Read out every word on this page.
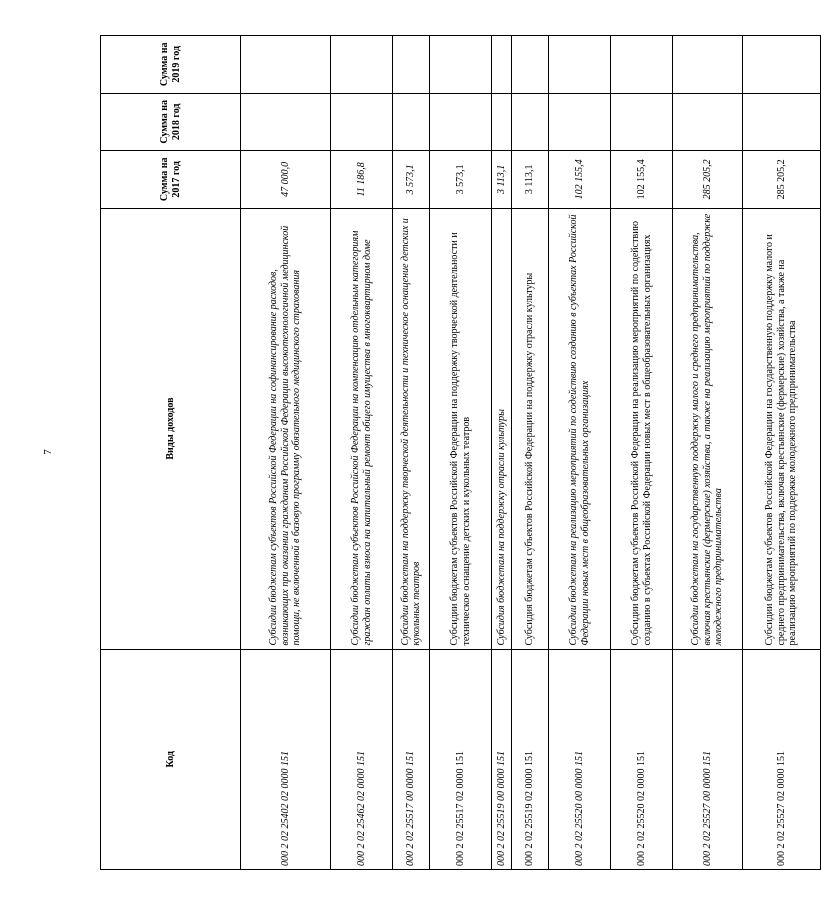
7
Код	Виды доходов	Сумма на 2017 год	Сумма на 2018 год	Сумма на 2019 год
000 2 02 25402 02 0000 151	Субсидии бюджетам субъектов Российской Федерации на софинансирование расходов, возникающих при оказании гражданам Российской Федерации высокотехнологичной медицинской помощи, не включенной в базовую программу обязательного медицинского страхования	47 000,0		
000 2 02 25462 02 0000 151	Субсидии бюджетам субъектов Российской Федерации на компенсацию отдельным категориям граждан оплаты взноса на капитальный ремонт общего имущества в многоквартирном доме	11 186,8		
000 2 02 25517 00 0000 151	Субсидии бюджетам на поддержку творческой деятельности и техническое оснащение детских и кукольных театров	3 573,1		
000 2 02 25517 02 0000 151	Субсидии бюджетам субъектов Российской Федерации на поддержку творческой деятельности и техническое оснащение детских и кукольных театров	3 573,1		
000 2 02 25519 00 0000 151	Субсидия бюджетам на поддержку отрасли культуры	3 113,1		
000 2 02 25519 02 0000 151	Субсидия бюджетам субъектов Российской Федерации на поддержку отрасли культуры	3 113,1		
000 2 02 25520 00 0000 151	Субсидии бюджетам на реализацию мероприятий по содействию созданию в субъектах Российской Федерации новых мест в общеобразовательных организациях	102 155,4		
000 2 02 25520 02 0000 151	Субсидии бюджетам субъектов Российской Федерации на реализацию мероприятий по содействию созданию в субъектах Российской Федерации новых мест в общеобразовательных организациях	102 155,4		
000 2 02 25527 00 0000 151	Субсидии бюджетам на государственную поддержку малого и среднего предпринимательства, включая крестьянские (фермерские) хозяйства, а также на реализацию мероприятий по поддержке молодежного предпринимательства	285 205,2		
000 2 02 25527 02 0000 151	Субсидии бюджетам субъектов Российской Федерации на государственную поддержку малого и среднего предпринимательства, включая крестьянские (фермерские) хозяйства, а также на реализацию мероприятий по поддержке молодежного предпринимательства	285 205,2		
